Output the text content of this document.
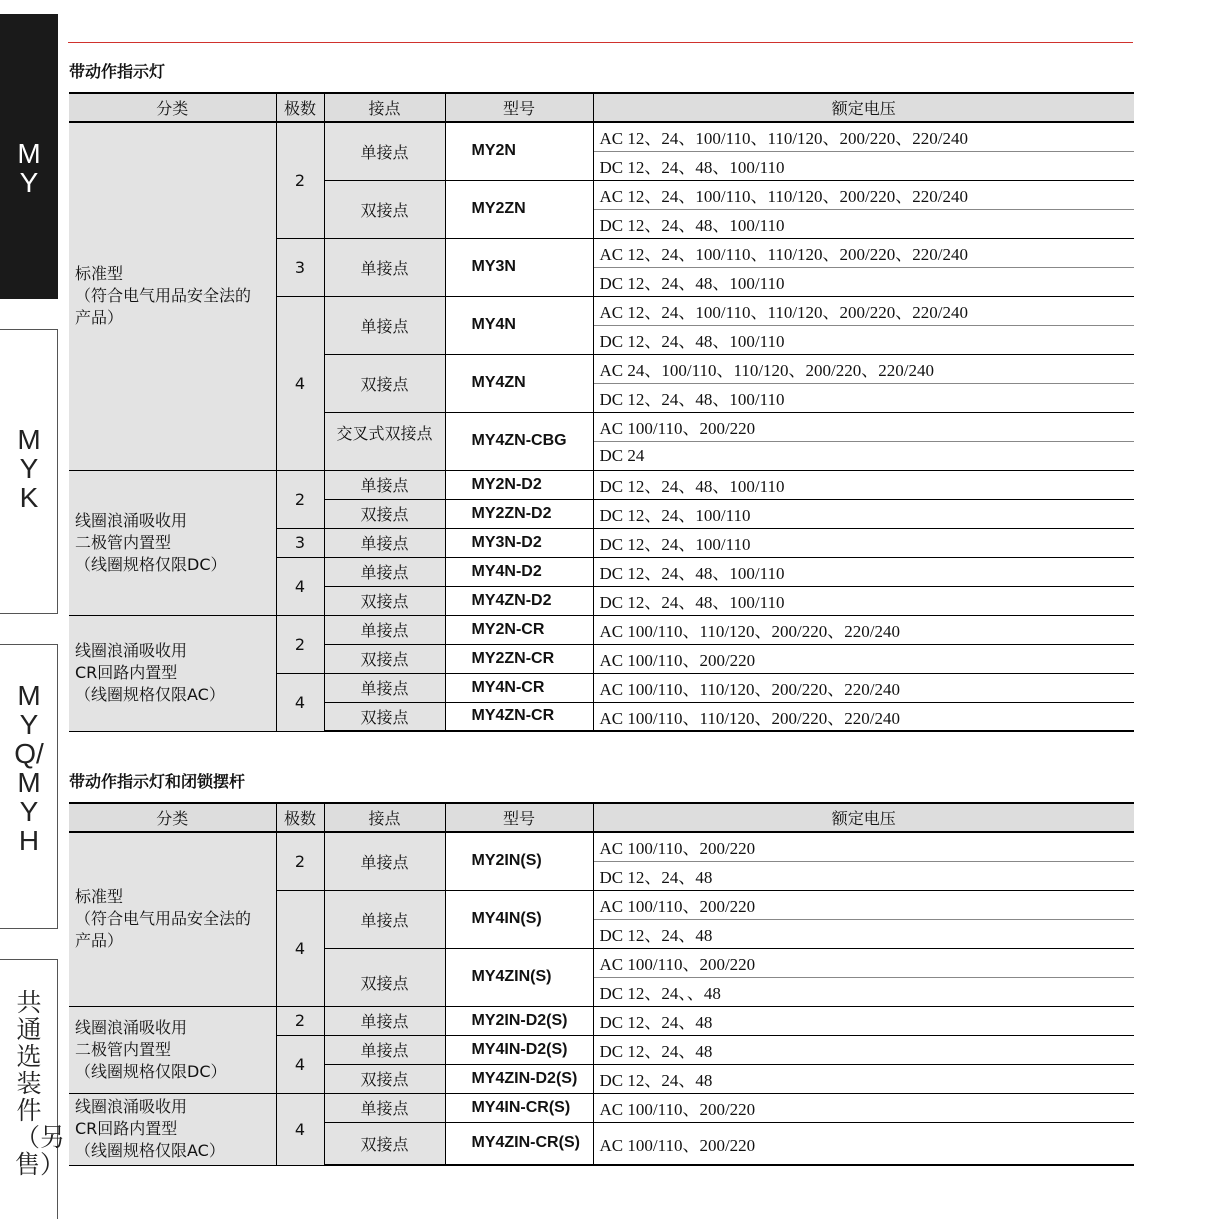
MY
MYK
MYQ/MYH
共通选装件（另售）
带动作指示灯
分类	极数	接点	型号	额定电压

标准型
（符合电气用品安全法的
产品）	2	单接点	MY2N	AC 12、24、100/110、110/120、200/220、220/240
				DC 12、24、48、100/110
		双接点	MY2ZN	AC 12、24、100/110、110/120、200/220、220/240
				DC 12、24、48、100/110
	3	单接点	MY3N	AC 12、24、100/110、110/120、200/220、220/240
				DC 12、24、48、100/110
	4	单接点	MY4N	AC 12、24、100/110、110/120、200/220、220/240
				DC 12、24、48、100/110
		双接点	MY4ZN	AC 24、100/110、110/120、200/220、220/240
				DC 12、24、48、100/110
		交叉式双接点	MY4ZN-CBG	AC 100/110、200/220
				DC 24

线圈浪涌吸收用
二极管内置型
（线圈规格仅限DC）	2	单接点	MY2N-D2	DC 12、24、48、100/110
		双接点	MY2ZN-D2	DC 12、24、100/110
	3	单接点	MY3N-D2	DC 12、24、100/110
	4	单接点	MY4N-D2	DC 12、24、48、100/110
		双接点	MY4ZN-D2	DC 12、24、48、100/110

线圈浪涌吸收用
CR回路内置型
（线圈规格仅限AC）	2	单接点	MY2N-CR	AC 100/110、110/120、200/220、220/240
		双接点	MY2ZN-CR	AC 100/110、200/220
	4	单接点	MY4N-CR	AC 100/110、110/120、200/220、220/240
		双接点	MY4ZN-CR	AC 100/110、110/120、200/220、220/240
带动作指示灯和闭锁摆杆
分类	极数	接点	型号	额定电压

标准型
（符合电气用品安全法的
产品）	2	单接点	MY2IN(S)	AC 100/110、200/220
				DC 12、24、48
	4	单接点	MY4IN(S)	AC 100/110、200/220
				DC 12、24、48
		双接点	MY4ZIN(S)	AC 100/110、200/220
				DC 12、24、、48

线圈浪涌吸收用
二极管内置型
（线圈规格仅限DC）	2	单接点	MY2IN-D2(S)	DC 12、24、48
	4	单接点	MY4IN-D2(S)	DC 12、24、48
		双接点	MY4ZIN-D2(S)	DC 12、24、48

线圈浪涌吸收用
CR回路内置型
（线圈规格仅限AC）	4	单接点	MY4IN-CR(S)	AC 100/110、200/220
		双接点	MY4ZIN-CR(S)	AC 100/110、200/220
